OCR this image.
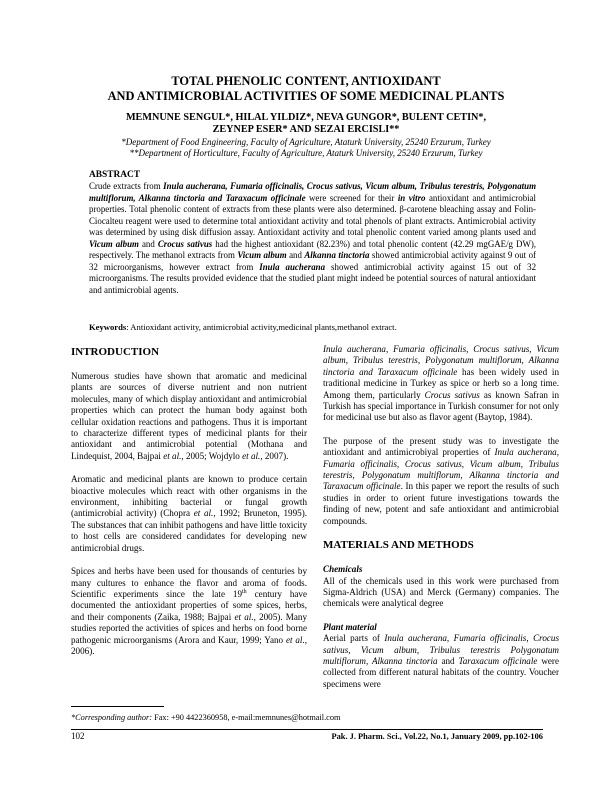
TOTAL PHENOLIC CONTENT, ANTIOXIDANT
AND ANTIMICROBIAL ACTIVITIES OF SOME MEDICINAL PLANTS
MEMNUNE SENGUL*, HILAL YILDIZ*, NEVA GUNGOR*, BULENT CETIN*,
ZEYNEP ESER* AND SEZAI ERCISLI**
*Department of Food Engineering, Faculty of Agriculture, Ataturk University, 25240 Erzurum, Turkey
**Department of Horticulture, Faculty of Agriculture, Ataturk University, 25240 Erzurum, Turkey
ABSTRACT

Crude extracts from Inula aucherana, Fumaria officinalis, Crocus sativus, Vicum album, Tribulus terestris, Polygonatum multiflorum, Alkanna tinctoria and Taraxacum officinale were screened for their in vitro antioxidant and antimicrobial properties. Total phenolic content of extracts from these plants were also determined. β-carotene bleaching assay and Folin-Ciocalteu reagent were used to determine total antioxidant activity and total phenols of plant extracts. Antimicrobial activity was determined by using disk diffusion assay. Antioxidant activity and total phenolic content varied among plants used and Vicum album and Crocus sativus had the highest antioxidant (82.23%) and total phenolic content (42.29 mgGAE/g DW), respectively. The methanol extracts from Vicum album and Alkanna tinctoria showed antimicrobial activity against 9 out of 32 microorganisms, however extract from Inula aucherana showed antimicrobial activity against 15 out of 32 microorganisms. The results provided evidence that the studied plant might indeed be potential sources of natural antioxidant and antimicrobial agents.

Keywords: Antioxidant activity, antimicrobial activity,medicinal plants,methanol extract.
INTRODUCTION

Numerous studies have shown that aromatic and medicinal plants are sources of diverse nutrient and non nutrient molecules, many of which display antioxidant and antimicrobial properties which can protect the human body against both cellular oxidation reactions and pathogens. Thus it is important to characterize different types of medicinal plants for their antioxidant and antimicrobial potential (Mothana and Lindequist, 2004, Bajpai et al., 2005; Wojdylo et al., 2007).

Aromatic and medicinal plants are known to produce certain bioactive molecules which react with other organisms in the environment, inhibiting bacterial or fungal growth (antimicrobial activity) (Chopra et al., 1992; Bruneton, 1995). The substances that can inhibit pathogens and have little toxicity to host cells are considered candidates for developing new antimicrobial drugs.

Spices and herbs have been used for thousands of centuries by many cultures to enhance the flavor and aroma of foods. Scientific experiments since the late 19th century have documented the antioxidant properties of some spices, herbs, and their components (Zaika, 1988; Bajpai et al., 2005). Many studies reported the activities of spices and herbs on food borne pathogenic microorganisms (Arora and Kaur, 1999; Yano et al., 2006).

Inula aucherana, Fumaria officinalis, Crocus sativus, Vicum album, Tribulus terestris, Polygonatum multiflorum, Alkanna tinctoria and Taraxacum officinale has been widely used in traditional medicine in Turkey as spice or herb so a long time. Among them, particularly Crocus sativus as known Safran in Turkish has special importance in Turkish consumer for not only for medicinal use but also as flavor agent (Baytop, 1984).

The purpose of the present study was to investigate the antioxidant and antimicrobiyal properties of Inula aucherana, Fumaria officinalis, Crocus sativus, Vicum album, Tribulus terestris, Polygonatum multiflorum, Alkanna tinctoria and Taraxacum officinale. In this paper we report the results of such studies in order to orient future investigations towards the finding of new, potent and safe antioxidant and antimicrobial compounds.

MATERIALS AND METHODS
Chemicals

All of the chemicals used in this work were purchased from Sigma-Aldrich (USA) and Merck (Germany) companies. The chemicals were analytical degree

Plant material

Aerial parts of Inula aucherana, Fumaria officinalis, Crocus sativus, Vicum album, Tribulus terestris Polygonatum multiflorum, Alkanna tinctoria and Taraxacum officinale were collected from different natural habitats of the country. Voucher specimens were

*Corresponding author: Fax: +90 4422360958, e-mail:memnunes@hotmail.com
102	Pak. J. Pharm. Sci., Vol.22, No.1, January 2009, pp.102-106
